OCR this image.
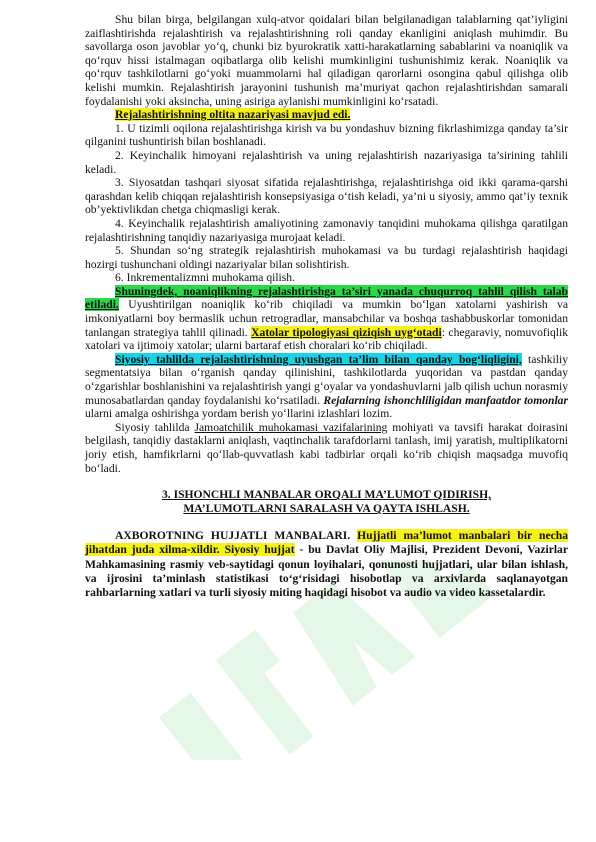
Shu bilan birga, belgilangan xulq-atvor qoidalari bilan belgilanadigan talablarning qat’iyligini zaiflashtirishda rejalashtirish va rejalashtirishning roli qanday ekanligini aniqlash muhimdir. Bu savollarga oson javoblar yo‘q, chunki biz byurokratik xatti-harakatlarning sabablarini va noaniqlik va qo‘rquv hissi istalmagan oqibatlarga olib kelishi mumkinligini tushunishimiz kerak. Noaniqlik va qo‘rquv tashkilotlarni go‘yoki muammolarni hal qiladigan qarorlarni osongina qabul qilishga olib kelishi mumkin. Rejalashtirish jarayonini tushunish ma’muriyat qachon rejalashtirishdan samarali foydalanishi yoki aksincha, uning asiriga aylanishi mumkinligini ko‘rsatadi.

Rejalashtirishning oltita nazariyasi mavjud edi.

1. U tizimli oqilona rejalashtirishga kirish va bu yondashuv bizning fikrlashimizga qanday ta’sir qilganini tushuntirish bilan boshlanadi.

2. Keyinchalik himoyani rejalashtirish va uning rejalashtirish nazariyasiga ta’sirining tahlili keladi.

3. Siyosatdan tashqari siyosat sifatida rejalashtirishga, rejalashtirishga oid ikki qarama-qarshi qarashdan kelib chiqqan rejalashtirish konsepsiyasiga o‘tish keladi, ya’ni u siyosiy, ammo qat’iy texnik ob’yektivlikdan chetga chiqmasligi kerak.

4. Keyinchalik rejalashtirish amaliyotining zamonaviy tanqidini muhokama qilishga qaratilgan rejalashtirishning tanqidiy nazariyasiga murojaat keladi.

5. Shundan so‘ng strategik rejalashtirish muhokamasi va bu turdagi rejalashtirish haqidagi hozirgi tushunchani oldingi nazariyalar bilan solishtirish.

6. Inkrementalizmni muhokama qilish.

Shuningdek, noaniqlikning rejalashtirishga ta’siri yanada chuqurroq tahlil qilish talab etiladi. Uyushtirilgan noaniqlik ko‘rib chiqiladi va mumkin bo‘lgan xatolarni yashirish va imkoniyatlarni boy bermaslik uchun retrogradlar, mansabchilar va boshqa tashabbuskorlar tomonidan tanlangan strategiya tahlil qilinadi. Xatolar tipologiyasi qiziqish uyg‘otadi: chegaraviy, nomuvofiqlik xatolari va ijtimoiy xatolar; ularni bartaraf etish choralari ko‘rib chiqiladi.

Siyosiy tahlilda rejalashtirishning uyushgan ta’lim bilan qanday bog‘liqligini, tashkiliy segmentatsiya bilan o‘rganish qanday qilinishini, tashkilotlarda yuqoridan va pastdan qanday o‘zgarishlar boshlanishini va rejalashtirish yangi g‘oyalar va yondashuvlarni jalb qilish uchun norasmiy munosabatlardan qanday foydalanishi ko‘rsatiladi. Rejalarning ishonchliligidan manfaatdor tomonlar ularni amalga oshirishga yordam berish yo‘llarini izlashlari lozim.

Siyosiy tahlilda Jamoatchilik muhokamasi vazifalarining mohiyati va tavsifi harakat doirasini belgilash, tanqidiy dastaklarni aniqlash, vaqtinchalik tarafdorlarni tanlash, imij yaratish, multiplikatorni joriy etish, hamfikrlarni qo‘llab-quvvatlash kabi tadbirlar orqali ko‘rib chiqish maqsadga muvofiq bo‘ladi.

3. ISHONCHLI MANBALAR ORQALI MA’LUMOT QIDIRISH,
MA’LUMOTLARNI SARALASH VA QAYTA ISHLASH.

AXBOROTNING HUJJATLI MANBALARI. Hujjatli ma’lumot manbalari bir necha jihatdan juda xilma-xildir. Siyosiy hujjat - bu Davlat Oliy Majlisi, Prezident Devoni, Vazirlar Mahkamasining rasmiy veb-saytidagi qonun loyihalari, qonunosti hujjatlari, ular bilan ishlash, va ijrosini ta’minlash statistikasi to‘g‘risidagi hisobotlap va arxivlarda saqlanayotgan rahbarlarning xatlari va turli siyosiy miting haqidagi hisobot va audio va video kassetalardir.
